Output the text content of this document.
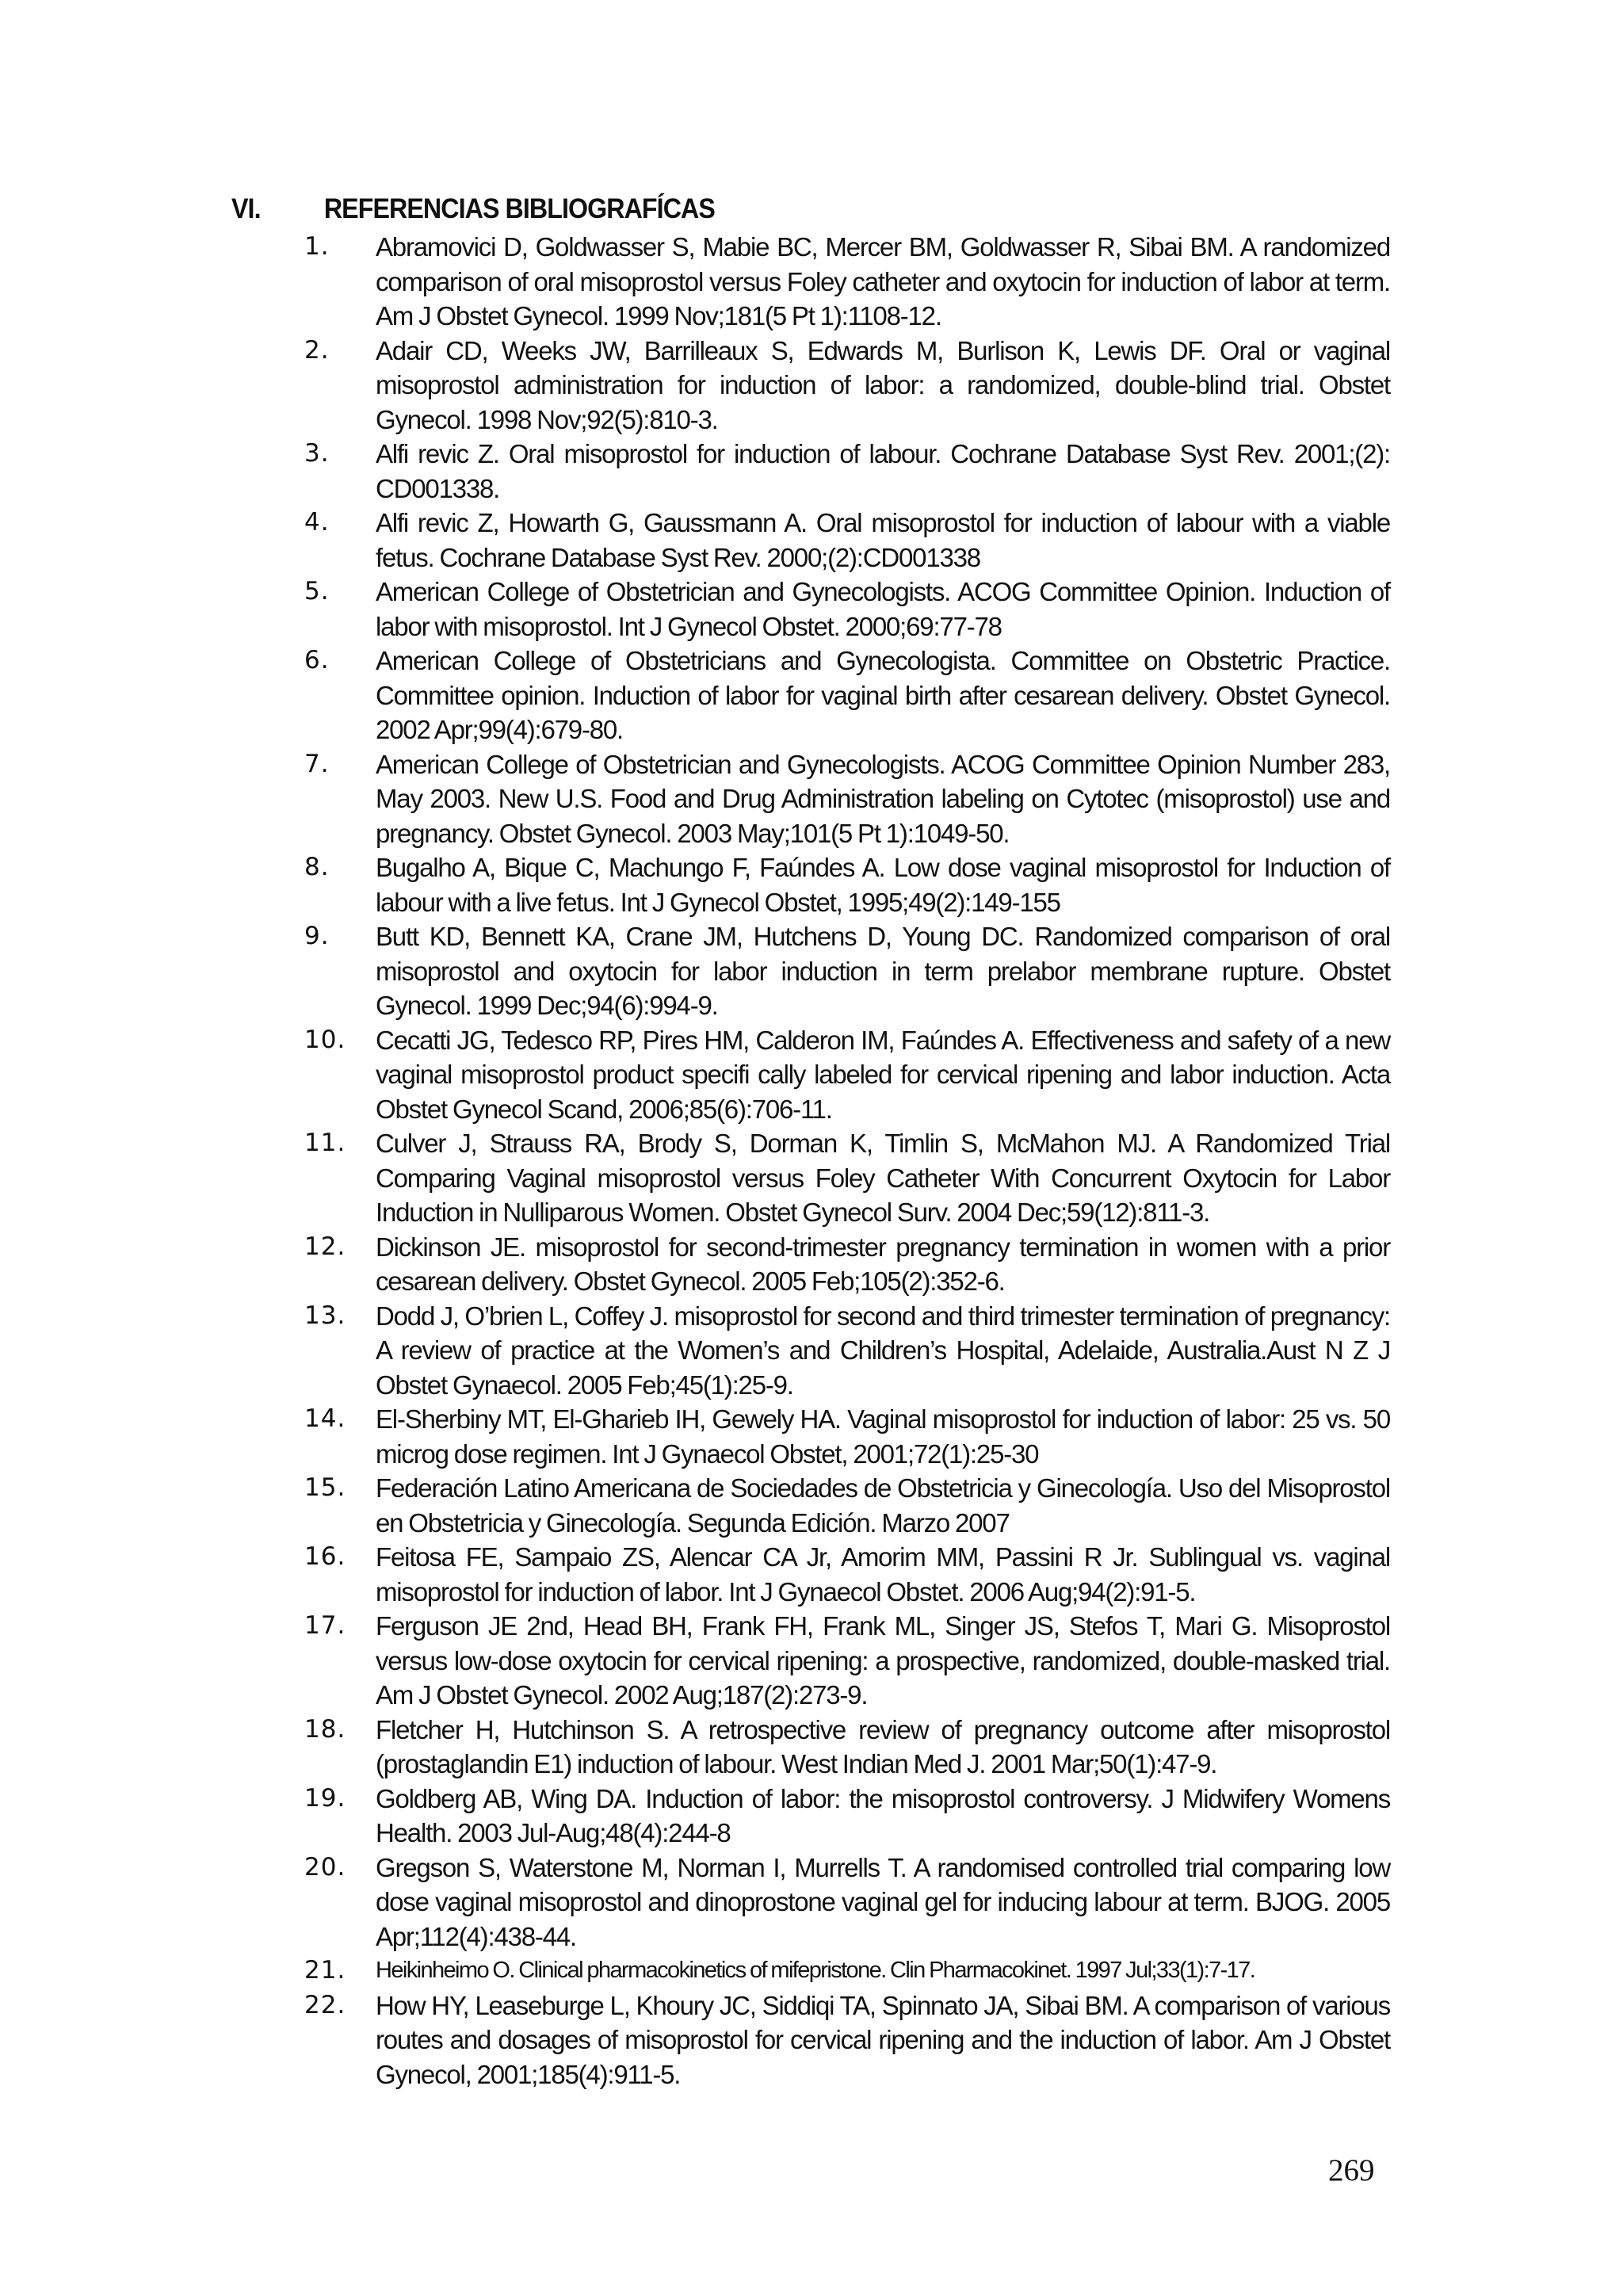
VI. REFERENCIAS BIBLIOGRAFÍCAS
1.	Abramovici D, Goldwasser S, Mabie BC, Mercer BM, Goldwasser R, Sibai BM. A randomized comparison of oral misoprostol versus Foley catheter and oxytocin for induction of labor at term. Am J Obstet Gynecol. 1999 Nov;181(5 Pt 1):1108-12.
2.	Adair CD, Weeks JW, Barrilleaux S, Edwards M, Burlison K, Lewis DF. Oral or vaginal misoprostol administration for induction of labor: a randomized, double-blind trial. Obstet Gynecol. 1998 Nov;92(5):810-3.
3.	Alfi revic Z. Oral misoprostol for induction of labour. Cochrane Database Syst Rev. 2001;(2): CD001338.
4.	Alfi revic Z, Howarth G, Gaussmann A. Oral misoprostol for induction of labour with a viable fetus. Cochrane Database Syst Rev. 2000;(2):CD001338
5.	American College of Obstetrician and Gynecologists. ACOG Committee Opinion. Induction of labor with misoprostol. Int J Gynecol Obstet. 2000;69:77-78
6.	American College of Obstetricians and Gynecologista. Committee on Obstetric Practice. Committee opinion. Induction of labor for vaginal birth after cesarean delivery. Obstet Gynecol. 2002 Apr;99(4):679-80.
7.	American College of Obstetrician and Gynecologists. ACOG Committee Opinion Number 283, May 2003. New U.S. Food and Drug Administration labeling on Cytotec (misoprostol) use and pregnancy. Obstet Gynecol. 2003 May;101(5 Pt 1):1049-50.
8.	Bugalho A, Bique C, Machungo F, Faúndes A. Low dose vaginal misoprostol for Induction of labour with a live fetus. Int J Gynecol Obstet, 1995;49(2):149-155
9.	Butt KD, Bennett KA, Crane JM, Hutchens D, Young DC. Randomized comparison of oral misoprostol and oxytocin for labor induction in term prelabor membrane rupture. Obstet Gynecol. 1999 Dec;94(6):994-9.
10.	Cecatti JG, Tedesco RP, Pires HM, Calderon IM, Faúndes A. Effectiveness and safety of a new vaginal misoprostol product specifi cally labeled for cervical ripening and labor induction. Acta Obstet Gynecol Scand, 2006;85(6):706-11.
11.	Culver J, Strauss RA, Brody S, Dorman K, Timlin S, McMahon MJ. A Randomized Trial Comparing Vaginal misoprostol versus Foley Catheter With Concurrent Oxytocin for Labor Induction in Nulliparous Women. Obstet Gynecol Surv. 2004 Dec;59(12):811-3.
12.	Dickinson JE. misoprostol for second-trimester pregnancy termination in women with a prior cesarean delivery. Obstet Gynecol. 2005 Feb;105(2):352-6.
13.	Dodd J, O’brien L, Coffey J. misoprostol for second and third trimester termination of pregnancy: A review of practice at the Women’s and Children’s Hospital, Adelaide, Australia.Aust N Z J Obstet Gynaecol. 2005 Feb;45(1):25-9.
14.	El-Sherbiny MT, El-Gharieb IH, Gewely HA. Vaginal misoprostol for induction of labor: 25 vs. 50 microg dose regimen. Int J Gynaecol Obstet, 2001;72(1):25-30
15.	Federación Latino Americana de Sociedades de Obstetricia y Ginecología. Uso del Misoprostol en Obstetricia y Ginecología. Segunda Edición. Marzo 2007
16.	Feitosa FE, Sampaio ZS, Alencar CA Jr, Amorim MM, Passini R Jr. Sublingual vs. vaginal misoprostol for induction of labor. Int J Gynaecol Obstet. 2006 Aug;94(2):91-5.
17.	Ferguson JE 2nd, Head BH, Frank FH, Frank ML, Singer JS, Stefos T, Mari G. Misoprostol versus low-dose oxytocin for cervical ripening: a prospective, randomized, double-masked trial. Am J Obstet Gynecol. 2002 Aug;187(2):273-9.
18.	Fletcher H, Hutchinson S. A retrospective review of pregnancy outcome after misoprostol (prostaglandin E1) induction of labour. West Indian Med J. 2001 Mar;50(1):47-9.
19.	Goldberg AB, Wing DA. Induction of labor: the misoprostol controversy. J Midwifery Womens Health. 2003 Jul-Aug;48(4):244-8
20.	Gregson S, Waterstone M, Norman I, Murrells T. A randomised controlled trial comparing low dose vaginal misoprostol and dinoprostone vaginal gel for inducing labour at term. BJOG. 2005 Apr;112(4):438-44.
21.	Heikinheimo O. Clinical pharmacokinetics of mifepristone. Clin Pharmacokinet. 1997 Jul;33(1):7-17.
22.	How HY, Leaseburge L, Khoury JC, Siddiqi TA, Spinnato JA, Sibai BM. A comparison of various routes and dosages of misoprostol for cervical ripening and the induction of labor. Am J Obstet Gynecol, 2001;185(4):911-5.
269
